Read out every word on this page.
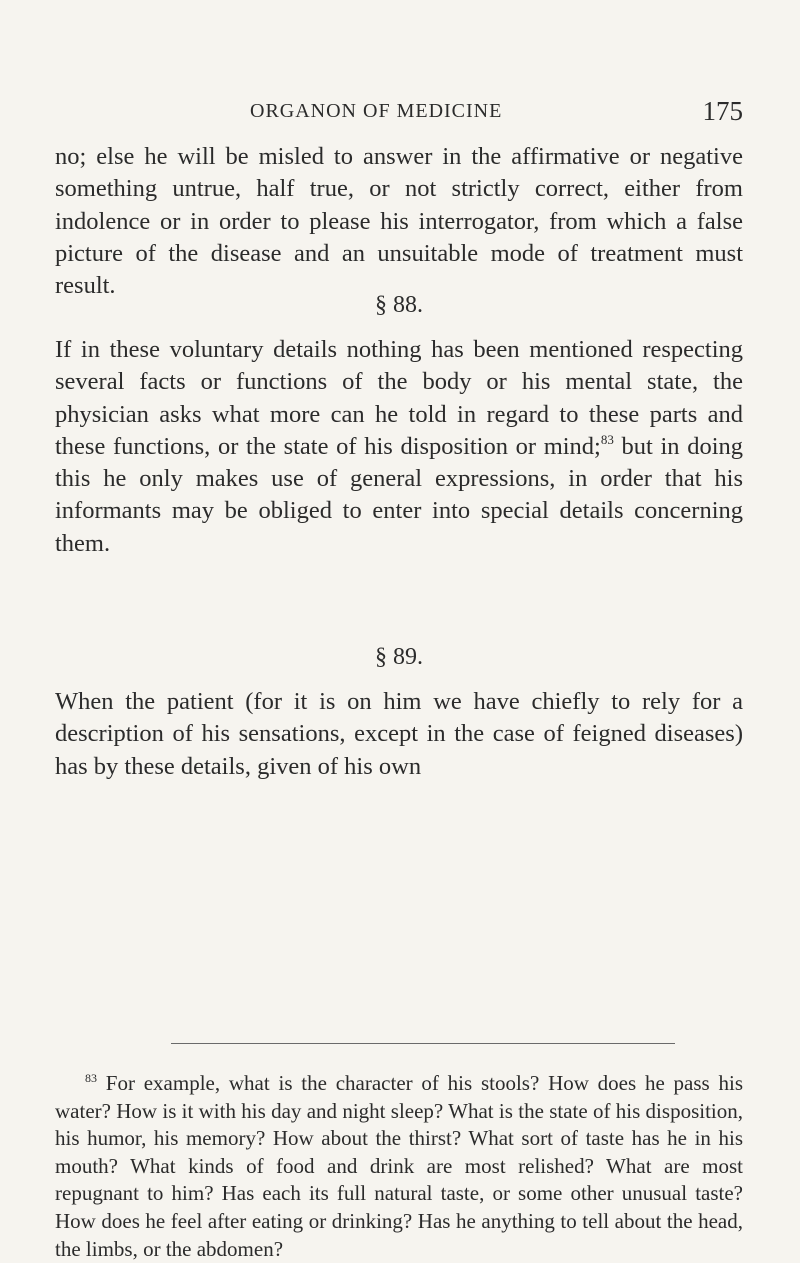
ORGANON OF MEDICINE	175

no; else he will be misled to answer in the affirmative or negative something untrue, half true, or not strictly correct, either from indolence or in order to please his interrogator, from which a false picture of the disease and an unsuitable mode of treatment must result.

§ 88.

If in these voluntary details nothing has been mentioned respecting several facts or functions of the body or his mental state, the physician asks what more can he told in regard to these parts and these functions, or the state of his disposition or mind;$^{83}$ but in doing this he only makes use of general expressions, in order that his informants may be obliged to enter into special details concerning them.

§ 89.

When the patient (for it is on him we have chiefly to rely for a description of his sensations, except in the case of feigned diseases) has by these details, given of his own

$^{83}$ For example, what is the character of his stools? How does he pass his water? How is it with his day and night sleep? What is the state of his disposition, his humor, his memory? How about the thirst? What sort of taste has he in his mouth? What kinds of food and drink are most relished? What are most repugnant to him? Has each its full natural taste, or some other unusual taste? How does he feel after eating or drinking? Has he anything to tell about the head, the limbs, or the abdomen?
